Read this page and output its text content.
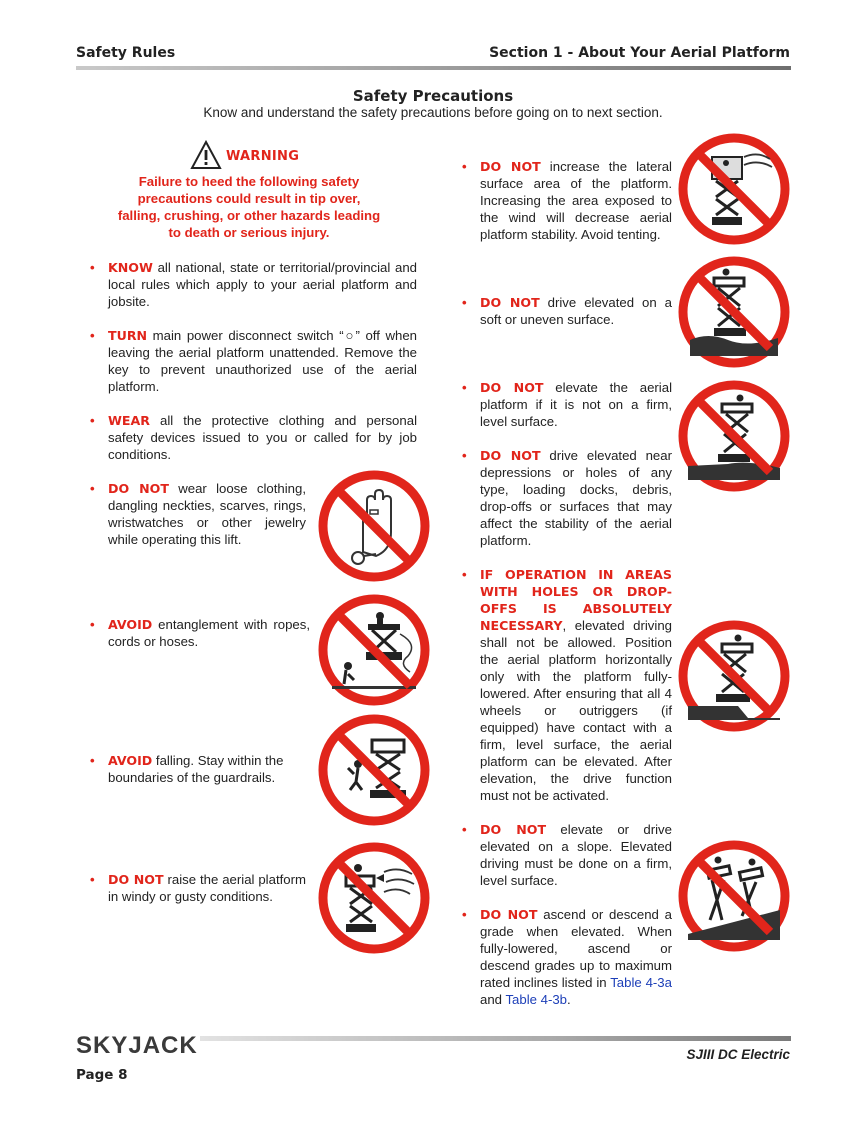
Safety Rules	Section 1 - About Your Aerial Platform
Safety Precautions
Know and understand the safety precautions before going on to next section.
WARNING

Failure to heed the following safety

precautions could result in tip over,

falling, crushing, or other hazards leading

to death or serious injury.

• KNOW all national, state or territorial/provincial and local rules which apply to your aerial platform and jobsite.

• TURN main power disconnect switch “○” off when leaving the aerial platform unattended. Remove the key to prevent unauthorized use of the aerial platform.

• WEAR all the protective clothing and personal safety devices issued to you or called for by job conditions.

• DO NOT wear loose clothing, dangling neckties, scarves, rings, wristwatches or other jewelry while operating this lift.

• AVOID entanglement with ropes, cords or hoses.

• AVOID falling. Stay within the boundaries of the guardrails.

• DO NOT raise the aerial platform in windy or gusty conditions.

• DO NOT increase the lateral surface area of the platform. Increasing the area exposed to the wind will decrease aerial platform stability. Avoid tenting.

• DO NOT drive elevated on a soft or uneven surface.

• DO NOT elevate the aerial platform if it is not on a firm, level surface.

• DO NOT drive elevated near depressions or holes of any type, loading docks, debris, drop-offs or surfaces that may affect the stability of the aerial platform.

• IF OPERATION IN AREAS WITH HOLES OR DROP-OFFS IS ABSOLUTELY NECESSARY, elevated driving shall not be allowed. Position the aerial platform horizontally only with the platform fully-lowered. After ensuring that all 4 wheels or outriggers (if equipped) have contact with a firm, level surface, the aerial platform can be elevated. After elevation, the drive function must not be activated.

• DO NOT elevate or drive elevated on a slope. Elevated driving must be done on a firm, level surface.

• DO NOT ascend or descend a grade when elevated. When fully-lowered, ascend or descend grades up to maximum rated inclines listed in Table 4-3a and Table 4-3b.

SKYJACK	SJIII DC Electric
Page 8
